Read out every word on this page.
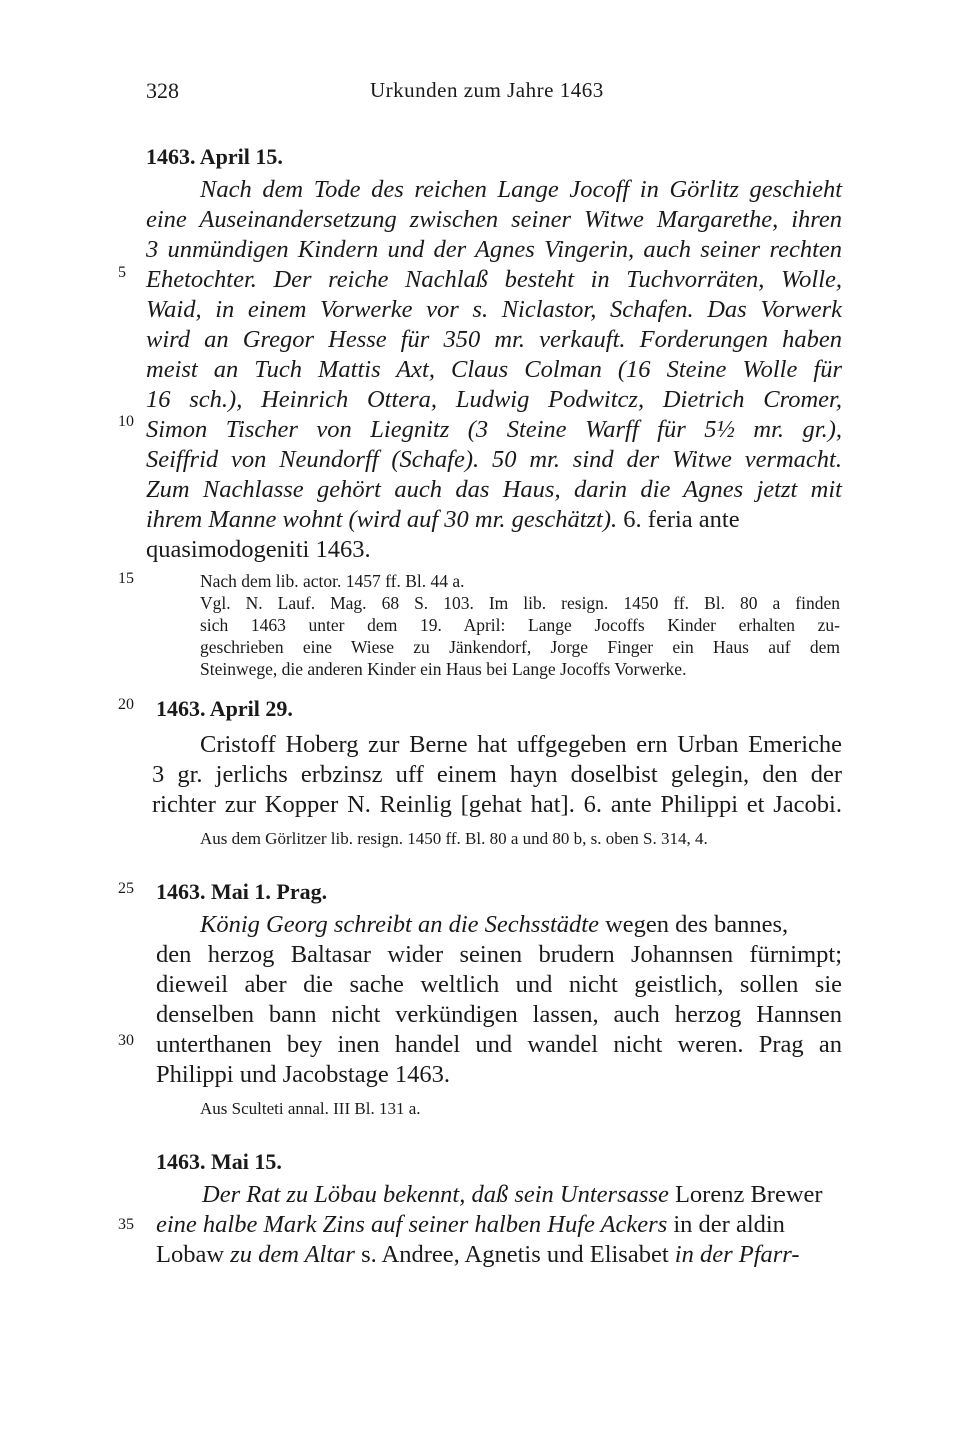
328	Urkunden zum Jahre 1463
5
10
15
20
25
30
35
1463. April 15.
Nach dem Tode des reichen Lange Jocoff in Görlitz geschieht
eine Auseinandersetzung zwischen seiner Witwe Margarethe, ihren
3 unmündigen Kindern und der Agnes Vingerin, auch seiner rechten
Ehetochter. Der reiche Nachlaß besteht in Tuchvorräten, Wolle,
Waid, in einem Vorwerke vor s. Niclastor, Schafen. Das Vorwerk
wird an Gregor Hesse für 350 mr. verkauft. Forderungen haben
meist an Tuch Mattis Axt, Claus Colman (16 Steine Wolle für
16 sch.), Heinrich Ottera, Ludwig Podwitcz, Dietrich Cromer,
Simon Tischer von Liegnitz (3 Steine Warff für 5½ mr. gr.),
Seiffrid von Neundorff (Schafe). 50 mr. sind der Witwe vermacht.
Zum Nachlasse gehört auch das Haus, darin die Agnes jetzt mit
ihrem Manne wohnt (wird auf 30 mr. geschätzt). 6. feria ante
quasimodogeniti 1463.
Nach dem lib. actor. 1457 ff. Bl. 44 a.
Vgl. N. Lauf. Mag. 68 S. 103. Im lib. resign. 1450 ff. Bl. 80 a finden
sich 1463 unter dem 19. April: Lange Jocoffs Kinder erhalten zu-
geschrieben eine Wiese zu Jänkendorf, Jorge Finger ein Haus auf dem
Steinwege, die anderen Kinder ein Haus bei Lange Jocoffs Vorwerke.
1463. April 29.
Cristoff Hoberg zur Berne hat uffgegeben ern Urban Emeriche
3 gr. jerlichs erbzinsz uff einem hayn doselbist gelegin, den der
richter zur Kopper N. Reinlig [gehat hat]. 6. ante Philippi et Jacobi.
Aus dem Görlitzer lib. resign. 1450 ff. Bl. 80 a und 80 b, s. oben S. 314, 4.
1463. Mai 1. Prag.
König Georg schreibt an die Sechsstädte wegen des bannes,
den herzog Baltasar wider seinen brudern Johannsen fürnimpt;
dieweil aber die sache weltlich und nicht geistlich, sollen sie
denselben bann nicht verkündigen lassen, auch herzog Hannsen
unterthanen bey inen handel und wandel nicht weren. Prag an
Philippi und Jacobstage 1463.
Aus Sculteti annal. III Bl. 131 a.
1463. Mai 15.
Der Rat zu Löbau bekennt, daß sein Untersasse Lorenz Brewer
eine halbe Mark Zins auf seiner halben Hufe Ackers in der aldin
Lobaw zu dem Altar s. Andree, Agnetis und Elisabet in der Pfarr-
